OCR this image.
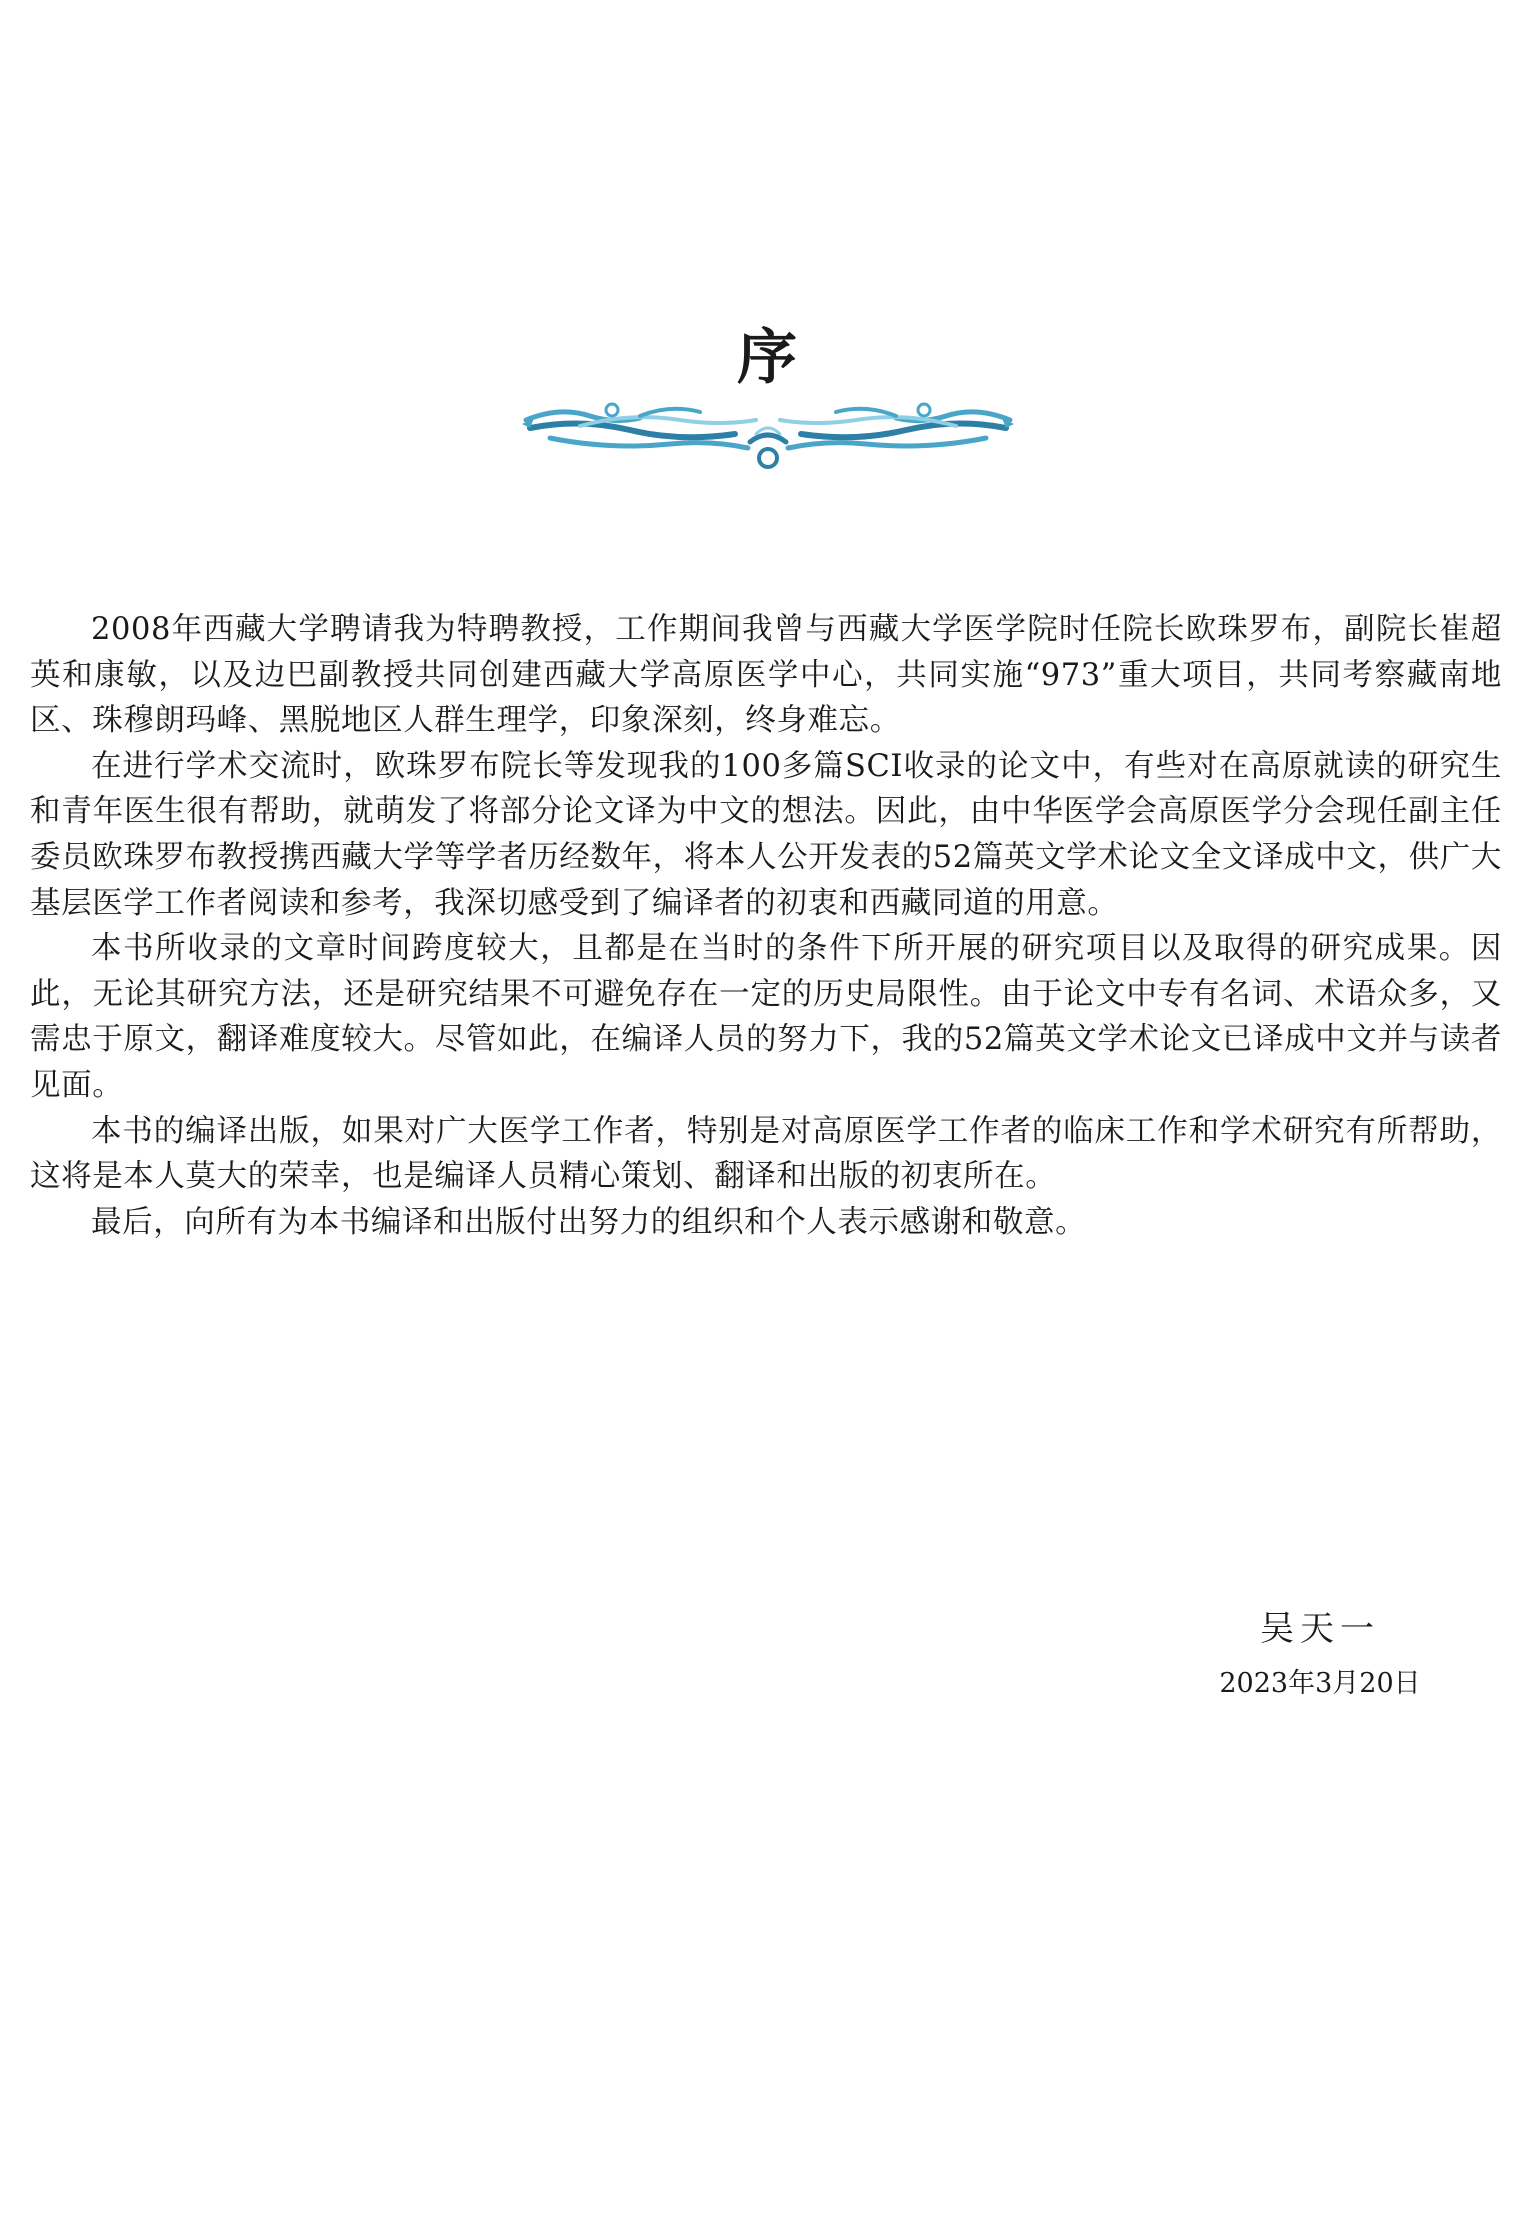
序

2008年西藏大学聘请我为特聘教授，工作期间我曾与西藏大学医学院时任院长欧珠罗布，副院长崔超英和康敏，以及边巴副教授共同创建西藏大学高原医学中心，共同实施“973”重大项目，共同考察藏南地区、珠穆朗玛峰、黑脱地区人群生理学，印象深刻，终身难忘。

在进行学术交流时，欧珠罗布院长等发现我的100多篇SCI收录的论文中，有些对在高原就读的研究生和青年医生很有帮助，就萌发了将部分论文译为中文的想法。因此，由中华医学会高原医学分会现任副主任委员欧珠罗布教授携西藏大学等学者历经数年，将本人公开发表的52篇英文学术论文全文译成中文，供广大基层医学工作者阅读和参考，我深切感受到了编译者的初衷和西藏同道的用意。

本书所收录的文章时间跨度较大，且都是在当时的条件下所开展的研究项目以及取得的研究成果。因此，无论其研究方法，还是研究结果不可避免存在一定的历史局限性。由于论文中专有名词、术语众多，又需忠于原文，翻译难度较大。尽管如此，在编译人员的努力下，我的52篇英文学术论文已译成中文并与读者见面。

本书的编译出版，如果对广大医学工作者，特别是对高原医学工作者的临床工作和学术研究有所帮助，这将是本人莫大的荣幸，也是编译人员精心策划、翻译和出版的初衷所在。

最后，向所有为本书编译和出版付出努力的组织和个人表示感谢和敬意。

吴天一
2023年3月20日
